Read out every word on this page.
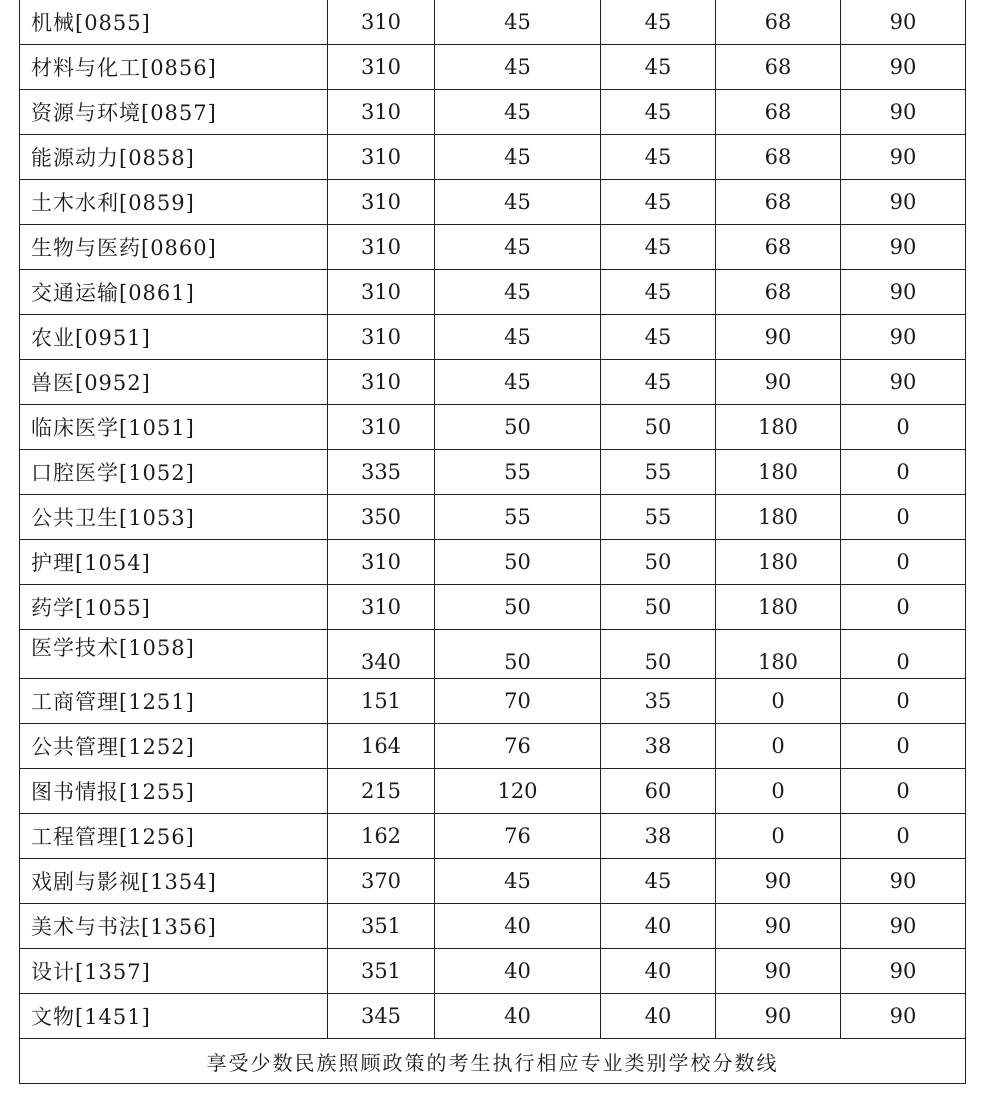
机械[0855]	310	45	45	68	90
材料与化工[0856]	310	45	45	68	90
资源与环境[0857]	310	45	45	68	90
能源动力[0858]	310	45	45	68	90
土木水利[0859]	310	45	45	68	90
生物与医药[0860]	310	45	45	68	90
交通运输[0861]	310	45	45	68	90
农业[0951]	310	45	45	90	90
兽医[0952]	310	45	45	90	90
临床医学[1051]	310	50	50	180	0
口腔医学[1052]	335	55	55	180	0
公共卫生[1053]	350	55	55	180	0
护理[1054]	310	50	50	180	0
药学[1055]	310	50	50	180	0
医学技术[1058]	340	50	50	180	0
工商管理[1251]	151	70	35	0	0
公共管理[1252]	164	76	38	0	0
图书情报[1255]	215	120	60	0	0
工程管理[1256]	162	76	38	0	0
戏剧与影视[1354]	370	45	45	90	90
美术与书法[1356]	351	40	40	90	90
设计[1357]	351	40	40	90	90
文物[1451]	345	40	40	90	90
享受少数民族照顾政策的考生执行相应专业类别学校分数线					
